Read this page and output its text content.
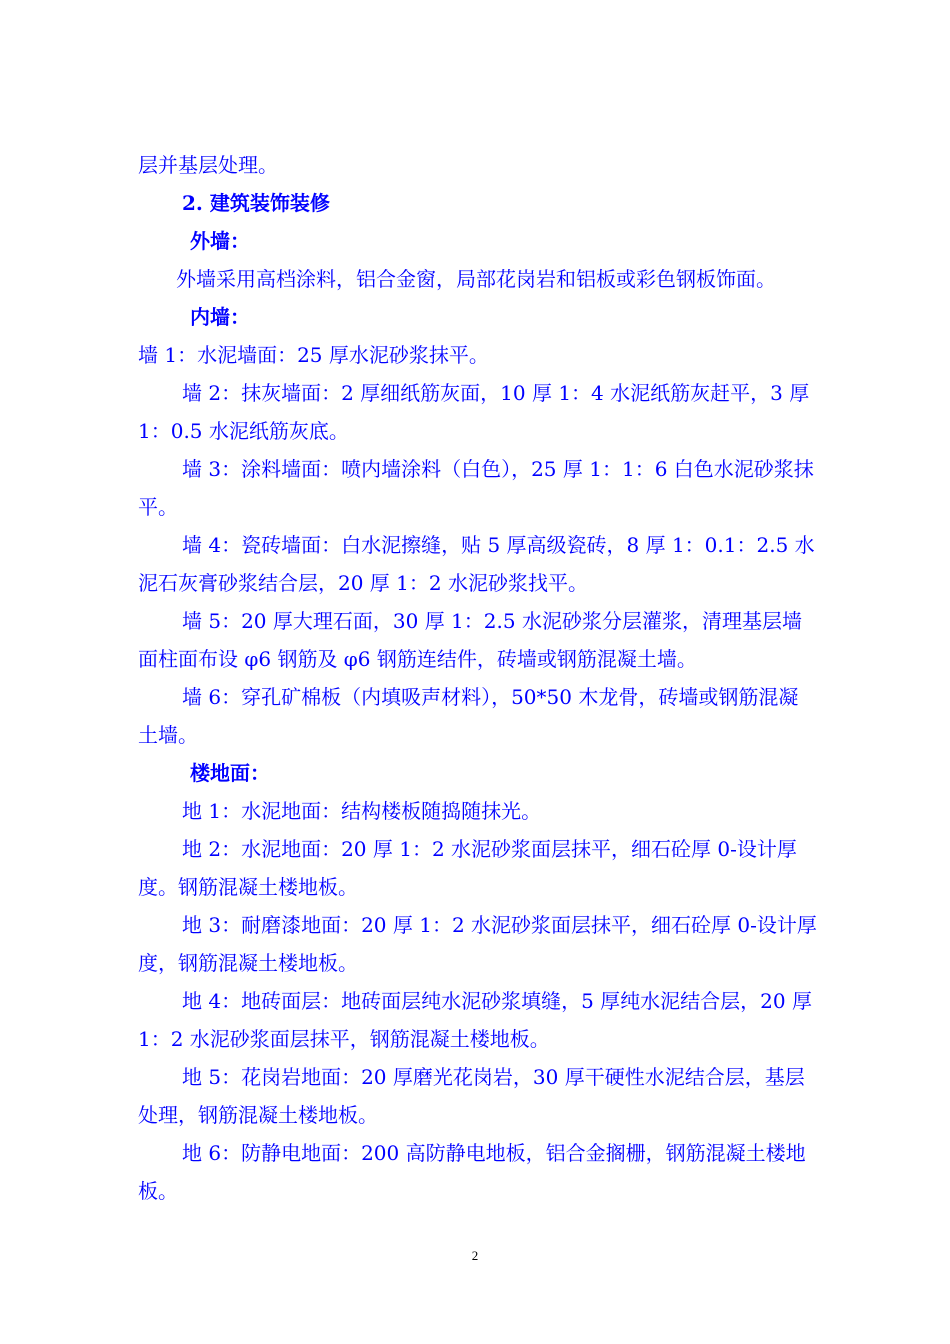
层并基层处理。

2. 建筑装饰装修

外墙：

外墙采用高档涂料，铝合金窗，局部花岗岩和铝板或彩色钢板饰面。

内墙：

墙 1：水泥墙面：25 厚水泥砂浆抹平。

墙 2：抹灰墙面：2 厚细纸筋灰面，10 厚 1：4 水泥纸筋灰赶平，3 厚 1：0.5 水泥纸筋灰底。

墙 3：涂料墙面：喷内墙涂料（白色），25 厚 1：1：6 白色水泥砂浆抹平。

墙 4：瓷砖墙面：白水泥擦缝，贴 5 厚高级瓷砖，8 厚 1：0.1：2.5 水泥石灰膏砂浆结合层，20 厚 1：2 水泥砂浆找平。

墙 5：20 厚大理石面，30 厚 1：2.5 水泥砂浆分层灌浆，清理基层墙面柱面布设 φ6 钢筋及 φ6 钢筋连结件，砖墙或钢筋混凝土墙。

墙 6：穿孔矿棉板（内填吸声材料），50*50 木龙骨，砖墙或钢筋混凝土墙。

楼地面：

地 1：水泥地面：结构楼板随捣随抹光。

地 2：水泥地面：20 厚 1：2 水泥砂浆面层抹平，细石砼厚 0-设计厚度。钢筋混凝土楼地板。

地 3：耐磨漆地面：20 厚 1：2 水泥砂浆面层抹平，细石砼厚 0-设计厚度，钢筋混凝土楼地板。

地 4：地砖面层：地砖面层纯水泥砂浆填缝，5 厚纯水泥结合层，20 厚 1：2 水泥砂浆面层抹平，钢筋混凝土楼地板。

地 5：花岗岩地面：20 厚磨光花岗岩，30 厚干硬性水泥结合层，基层处理，钢筋混凝土楼地板。

地 6：防静电地面：200 高防静电地板，铝合金搁栅，钢筋混凝土楼地板。

2
